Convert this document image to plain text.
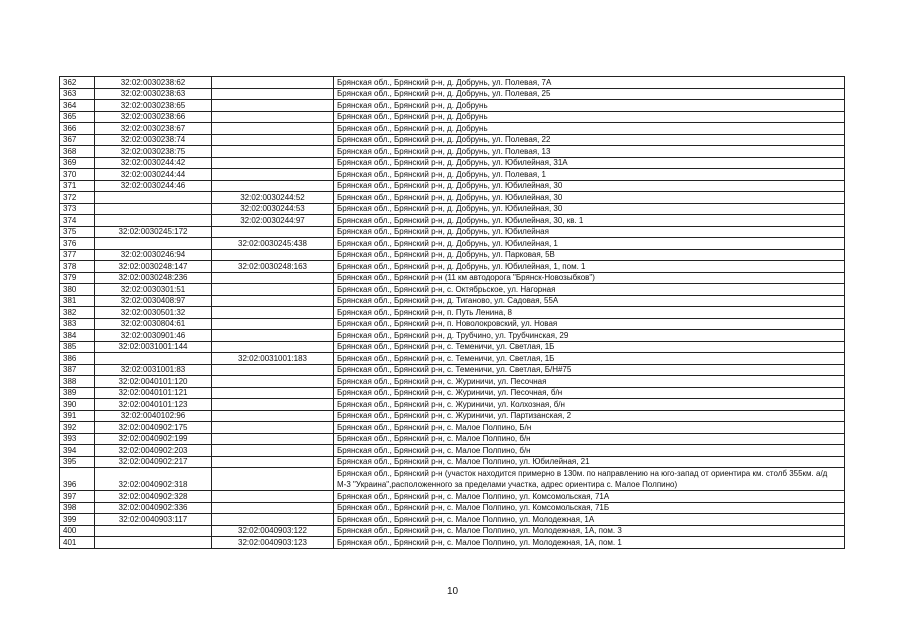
362	32:02:0030238:62		Брянская обл., Брянский р-н, д. Добрунь, ул. Полевая, 7А
363	32:02:0030238:63		Брянская обл., Брянский р-н, д. Добрунь, ул. Полевая, 25
364	32:02:0030238:65		Брянская обл., Брянский р-н, д. Добрунь
365	32:02:0030238:66		Брянская обл., Брянский р-н, д. Добрунь
366	32:02:0030238:67		Брянская обл., Брянский р-н, д. Добрунь
367	32:02:0030238:74		Брянская обл., Брянский р-н, д. Добрунь, ул. Полевая, 22
368	32:02:0030238:75		Брянская обл., Брянский р-н, д. Добрунь, ул. Полевая, 13
369	32:02:0030244:42		Брянская обл., Брянский р-н, д. Добрунь, ул. Юбилейная, 31А
370	32:02:0030244:44		Брянская обл., Брянский р-н, д. Добрунь, ул. Полевая, 1
371	32:02:0030244:46		Брянская обл., Брянский р-н, д. Добрунь, ул. Юбилейная, 30
372		32:02:0030244:52	Брянская обл., Брянский р-н, д. Добрунь, ул. Юбилейная, 30
373		32:02:0030244:53	Брянская обл., Брянский р-н, д. Добрунь, ул. Юбилейная, 30
374		32:02:0030244:97	Брянская обл., Брянский р-н, д. Добрунь, ул. Юбилейная, 30, кв. 1
375	32:02:0030245:172		Брянская обл., Брянский р-н, д. Добрунь, ул. Юбилейная
376		32:02:0030245:438	Брянская обл., Брянский р-н, д. Добрунь, ул. Юбилейная, 1
377	32:02:0030246:94		Брянская обл., Брянский р-н, д. Добрунь, ул. Парковая, 5В
378	32:02:0030248:147	32:02:0030248:163	Брянская обл., Брянский р-н, д. Добрунь, ул. Юбилейная, 1, пом. 1
379	32:02:0030248:236		Брянская обл., Брянский р-н (11 км автодорога "Брянск-Новозыбков")
380	32:02:0030301:51		Брянская обл., Брянский р-н, с. Октябрьское, ул. Нагорная
381	32:02:0030408:97		Брянская обл., Брянский р-н, д. Тиганово, ул. Садовая, 55А
382	32:02:0030501:32		Брянская обл., Брянский р-н, п. Путь Ленина, 8
383	32:02:0030804:61		Брянская обл., Брянский р-н, п. Новолокровский, ул. Новая
384	32:02:0030901:46		Брянская обл., Брянский р-н, д. Трубчино, ул. Трубчинская, 29
385	32:02:0031001:144		Брянская обл., Брянский р-н, с. Теменичи, ул. Светлая, 1Б
386		32:02:0031001:183	Брянская обл., Брянский р-н, с. Теменичи, ул. Светлая, 1Б
387	32:02:0031001:83		Брянская обл., Брянский р-н, с. Теменичи, ул. Светлая, Б/Н#75
388	32:02:0040101:120		Брянская обл., Брянский р-н, с. Журиничи, ул. Песочная
389	32:02:0040101:121		Брянская обл., Брянский р-н, с. Журиничи, ул. Песочная, б/н
390	32:02:0040101:123		Брянская обл., Брянский р-н, с. Журиничи, ул. Колхозная, б/н
391	32:02:0040102:96		Брянская обл., Брянский р-н, с. Журиничи, ул. Партизанская, 2
392	32:02:0040902:175		Брянская обл., Брянский р-н, с. Малое Полпино, Б/н
393	32:02:0040902:199		Брянская обл., Брянский р-н, с. Малое Полпино, б/н
394	32:02:0040902:203		Брянская обл., Брянский р-н, с. Малое Полпино, б/н
395	32:02:0040902:217		Брянская обл., Брянский р-н, с. Малое Полпино, ул. Юбилейная, 21
396	32:02:0040902:318		Брянская обл., Брянский р-н (участок находится примерно в 130м. по направлению на юго-запад от ориентира км. столб 355км. а/д М-3 "Украина",расположенного за пределами участка, адрес ориентира с. Малое Полпино)
397	32:02:0040902:328		Брянская обл., Брянский р-н, с. Малое Полпино, ул. Комсомольская, 71А
398	32:02:0040902:336		Брянская обл., Брянский р-н, с. Малое Полпино, ул. Комсомольская, 71Б
399	32:02:0040903:117		Брянская обл., Брянский р-н, с. Малое Полпино, ул. Молодежная, 1А
400		32:02:0040903:122	Брянская обл., Брянский р-н, с. Малое Полпино, ул. Молодежная, 1А, пом. 3
401		32:02:0040903:123	Брянская обл., Брянский р-н, с. Малое Полпино, ул. Молодежная, 1А, пом. 1
10
